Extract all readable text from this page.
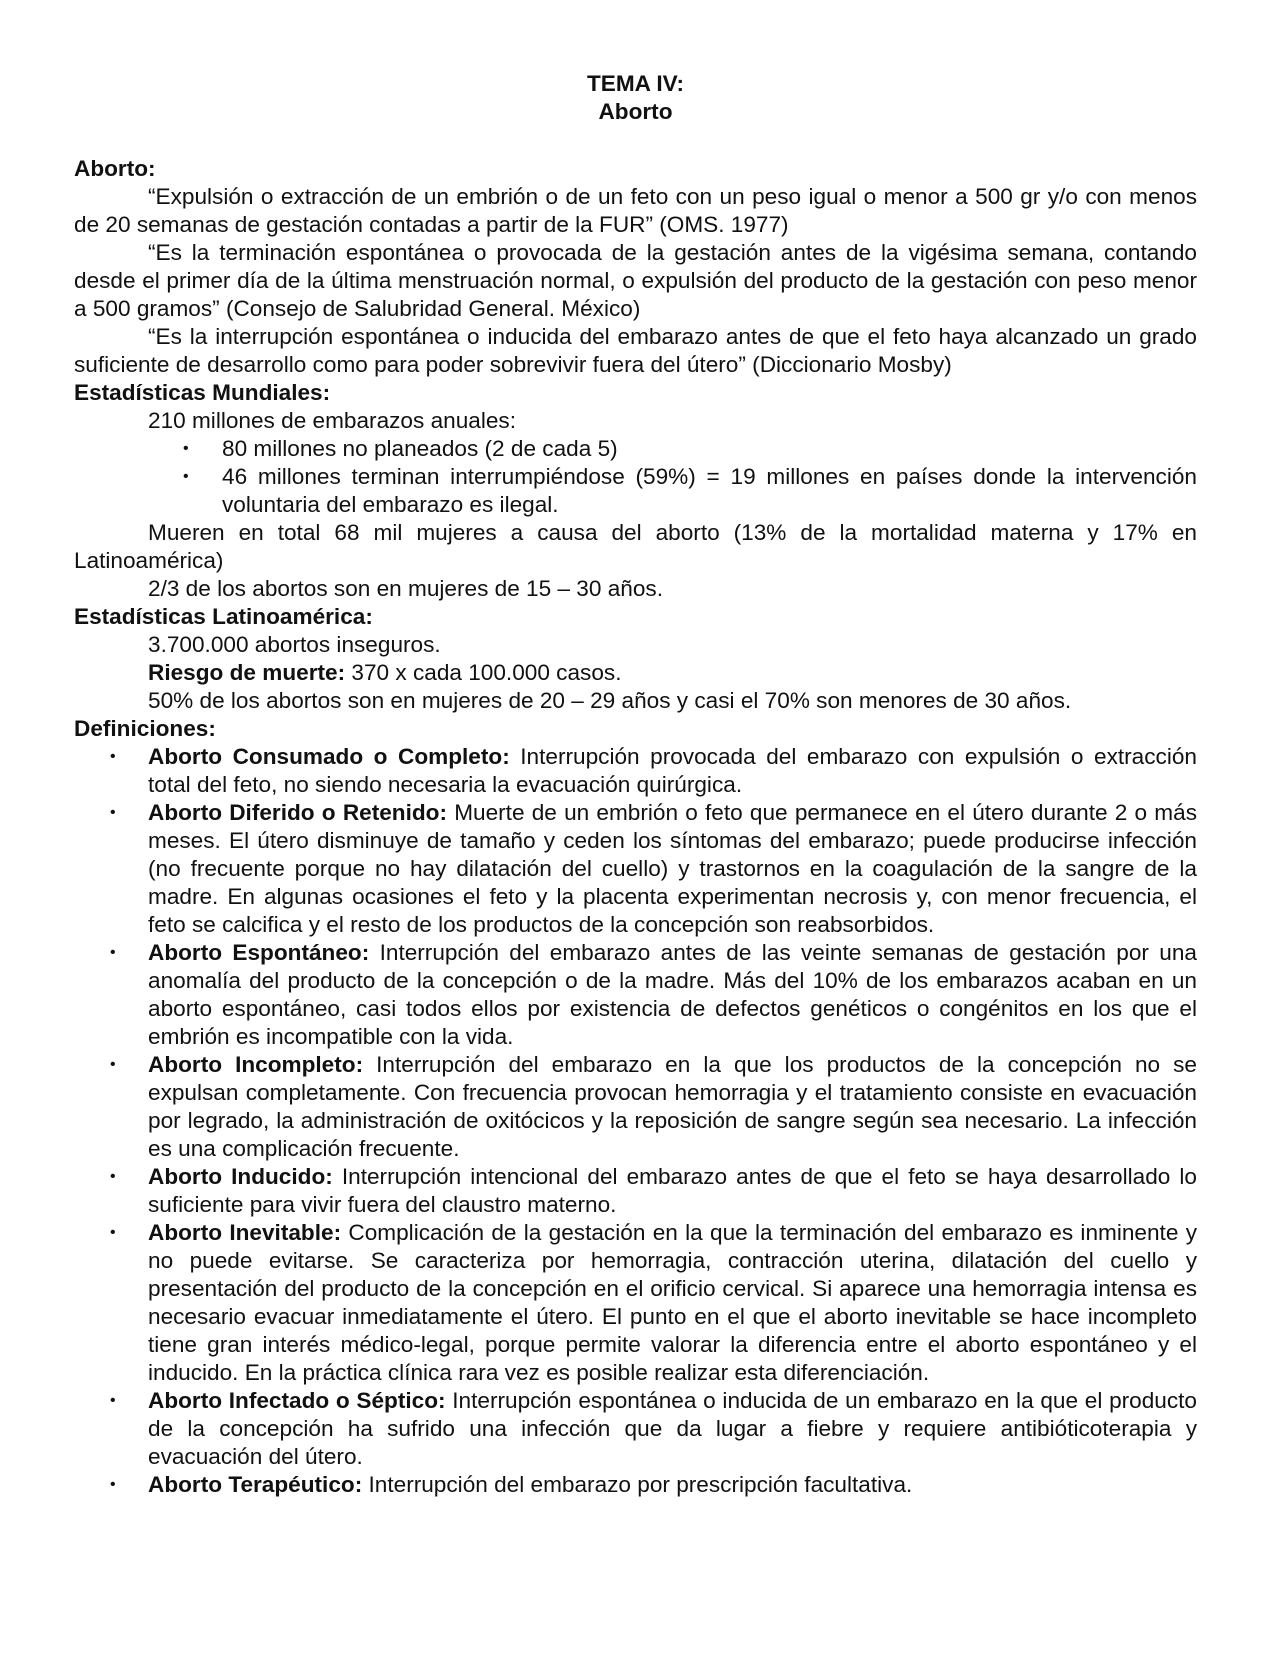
TEMA IV:
Aborto
Aborto:
“Expulsión o extracción de un embrión o de un feto con un peso igual o menor a 500 gr y/o con menos de 20 semanas de gestación contadas a partir de la FUR” (OMS. 1977)
“Es la terminación espontánea o provocada de la gestación antes de la vigésima semana, contando desde el primer día de la última menstruación normal, o expulsión del producto de la gestación con peso menor a 500 gramos” (Consejo de Salubridad General. México)
“Es la interrupción espontánea o inducida del embarazo antes de que el feto haya alcanzado un grado suficiente de desarrollo como para poder sobrevivir fuera del útero” (Diccionario Mosby)
Estadísticas Mundiales:
210 millones de embarazos anuales:
• 80 millones no planeados (2 de cada 5)
• 46 millones terminan interrumpiéndose (59%) = 19 millones en países donde la intervención voluntaria del embarazo es ilegal.
Mueren en total 68 mil mujeres a causa del aborto (13% de la mortalidad materna y 17% en Latinoamérica)
2/3 de los abortos son en mujeres de 15 – 30 años.
Estadísticas Latinoamérica:
3.700.000 abortos inseguros.
Riesgo de muerte: 370 x cada 100.000 casos.
50% de los abortos son en mujeres de 20 – 29 años y casi el 70% son menores de 30 años.
Definiciones:
• Aborto Consumado o Completo: Interrupción provocada del embarazo con expulsión o extracción total del feto, no siendo necesaria la evacuación quirúrgica.
• Aborto Diferido o Retenido: Muerte de un embrión o feto que permanece en el útero durante 2 o más meses. El útero disminuye de tamaño y ceden los síntomas del embarazo; puede producirse infección (no frecuente porque no hay dilatación del cuello) y trastornos en la coagulación de la sangre de la madre. En algunas ocasiones el feto y la placenta experimentan necrosis y, con menor frecuencia, el feto se calcifica y el resto de los productos de la concepción son reabsorbidos.
• Aborto Espontáneo: Interrupción del embarazo antes de las veinte semanas de gestación por una anomalía del producto de la concepción o de la madre. Más del 10% de los embarazos acaban en un aborto espontáneo, casi todos ellos por existencia de defectos genéticos o congénitos en los que el embrión es incompatible con la vida.
• Aborto Incompleto: Interrupción del embarazo en la que los productos de la concepción no se expulsan completamente. Con frecuencia provocan hemorragia y el tratamiento consiste en evacuación por legrado, la administración de oxitócicos y la reposición de sangre según sea necesario. La infección es una complicación frecuente.
• Aborto Inducido: Interrupción intencional del embarazo antes de que el feto se haya desarrollado lo suficiente para vivir fuera del claustro materno.
• Aborto Inevitable: Complicación de la gestación en la que la terminación del embarazo es inminente y no puede evitarse. Se caracteriza por hemorragia, contracción uterina, dilatación del cuello y presentación del producto de la concepción en el orificio cervical. Si aparece una hemorragia intensa es necesario evacuar inmediatamente el útero. El punto en el que el aborto inevitable se hace incompleto tiene gran interés médico-legal, porque permite valorar la diferencia entre el aborto espontáneo y el inducido. En la práctica clínica rara vez es posible realizar esta diferenciación.
• Aborto Infectado o Séptico: Interrupción espontánea o inducida de un embarazo en la que el producto de la concepción ha sufrido una infección que da lugar a fiebre y requiere antibióticoterapia y evacuación del útero.
• Aborto Terapéutico: Interrupción del embarazo por prescripción facultativa.
